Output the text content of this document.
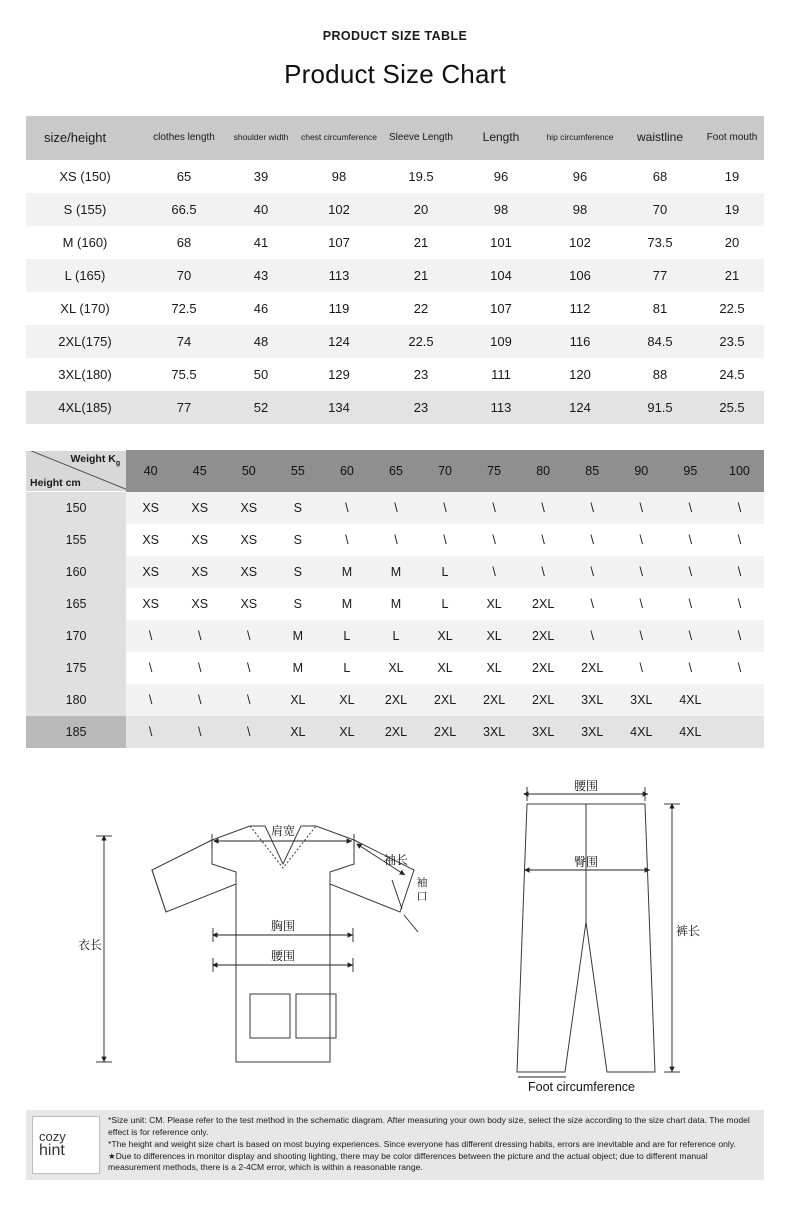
PRODUCT SIZE TABLE
Product Size Chart
size/height	clothes length	shoulder width	chest circumference	Sleeve Length	Length	hip circumference	waistline	Foot mouth

XS (150)	65	39	98	19.5	96	96	68	19
S (155)	66.5	40	102	20	98	98	70	19
M (160)	68	41	107	21	101	102	73.5	20
L (165)	70	43	113	21	104	106	77	21
XL (170)	72.5	46	119	22	107	112	81	22.5
2XL(175)	74	48	124	22.5	109	116	84.5	23.5
3XL(180)	75.5	50	129	23	111	120	88	24.5
4XL(185)	77	52	134	23	113	124	91.5	25.5
Weight $K_g$
Height cm	40	45	50	55	60	65	70	75	80	85	90	95	100
150	XS	XS	XS	S	\	\	\	\	\	\	\	\	\
155	XS	XS	XS	S	\	\	\	\	\	\	\	\	\
160	XS	XS	XS	S	M	M	L	\	\	\	\	\	\
165	XS	XS	XS	S	M	M	L	XL	2XL	\	\	\	\
170	\	\	\	M	L	L	XL	XL	2XL	\	\	\	\
175	\	\	\	M	L	XL	XL	XL	2XL	2XL	\	\	\
180	\	\	\	XL	XL	2XL	2XL	2XL	2XL	3XL	3XL	4XL	
185	\	\	\	XL	XL	2XL	2XL	3XL	3XL	3XL	4XL	4XL	
肩宽
袖长
袖
口
胸围
腰围
衣长
腰围
臀围
裤长
Foot circumference
cozy
hint

*Size unit: CM. Please refer to the test method in the schematic diagram. After measuring your own body size, select the size according to the size chart data. The model effect is for reference only.

*The height and weight size chart is based on most buying experiences. Since everyone has different dressing habits, errors are inevitable and are for reference only. ★Due to differences in monitor display and shooting lighting, there may be color differences between the picture and the actual object; due to different manual measurement methods, there is a 2-4CM error, which is within a reasonable range.
